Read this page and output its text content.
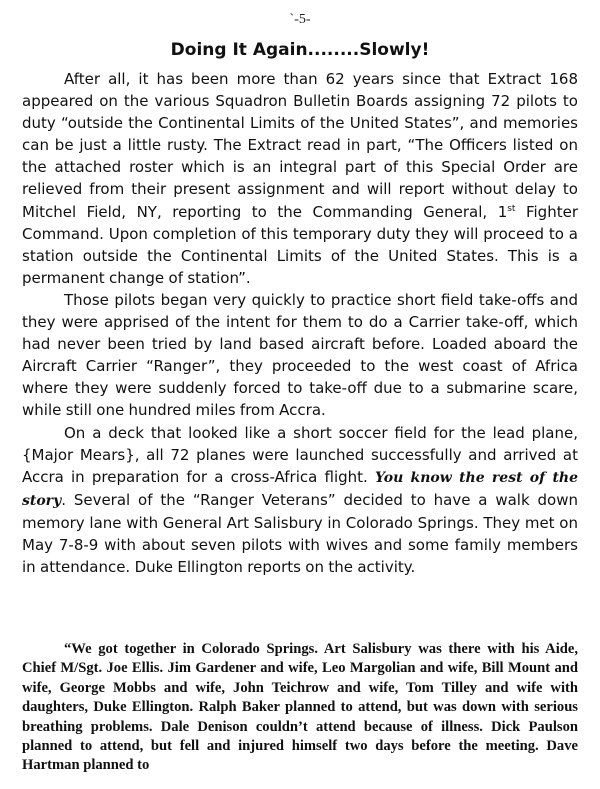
`-5-
Doing It Again........Slowly!

After all, it has been more than 62 years since that Extract 168 appeared on the various Squadron Bulletin Boards assigning 72 pilots to duty “outside the Continental Limits of the United States”, and memories can be just a little rusty. The Extract read in part, “The Officers listed on the attached roster which is an integral part of this Special Order are relieved from their present assignment and will report without delay to Mitchel Field, NY, reporting to the Commanding General, 1st Fighter Command. Upon completion of this temporary duty they will proceed to a station outside the Continental Limits of the United States. This is a permanent change of station”.

Those pilots began very quickly to practice short field take-offs and they were apprised of the intent for them to do a Carrier take-off, which had never been tried by land based aircraft before. Loaded aboard the Aircraft Carrier “Ranger”, they proceeded to the west coast of Africa where they were suddenly forced to take-off due to a submarine scare, while still one hundred miles from Accra.

On a deck that looked like a short soccer field for the lead plane, {Major Mears}, all 72 planes were launched successfully and arrived at Accra in preparation for a cross-Africa flight. You know the rest of the story. Several of the “Ranger Veterans” decided to have a walk down memory lane with General Art Salisbury in Colorado Springs. They met on May 7-8-9 with about seven pilots with wives and some family members in attendance. Duke Ellington reports on the activity.

“We got together in Colorado Springs. Art Salisbury was there with his Aide, Chief M/Sgt. Joe Ellis. Jim Gardener and wife, Leo Margolian and wife, Bill Mount and wife, George Mobbs and wife, John Teichrow and wife, Tom Tilley and wife with daughters, Duke Ellington. Ralph Baker planned to attend, but was down with serious breathing problems. Dale Denison couldn’t attend because of illness. Dick Paulson planned to attend, but fell and injured himself two days before the meeting. Dave Hartman planned to
